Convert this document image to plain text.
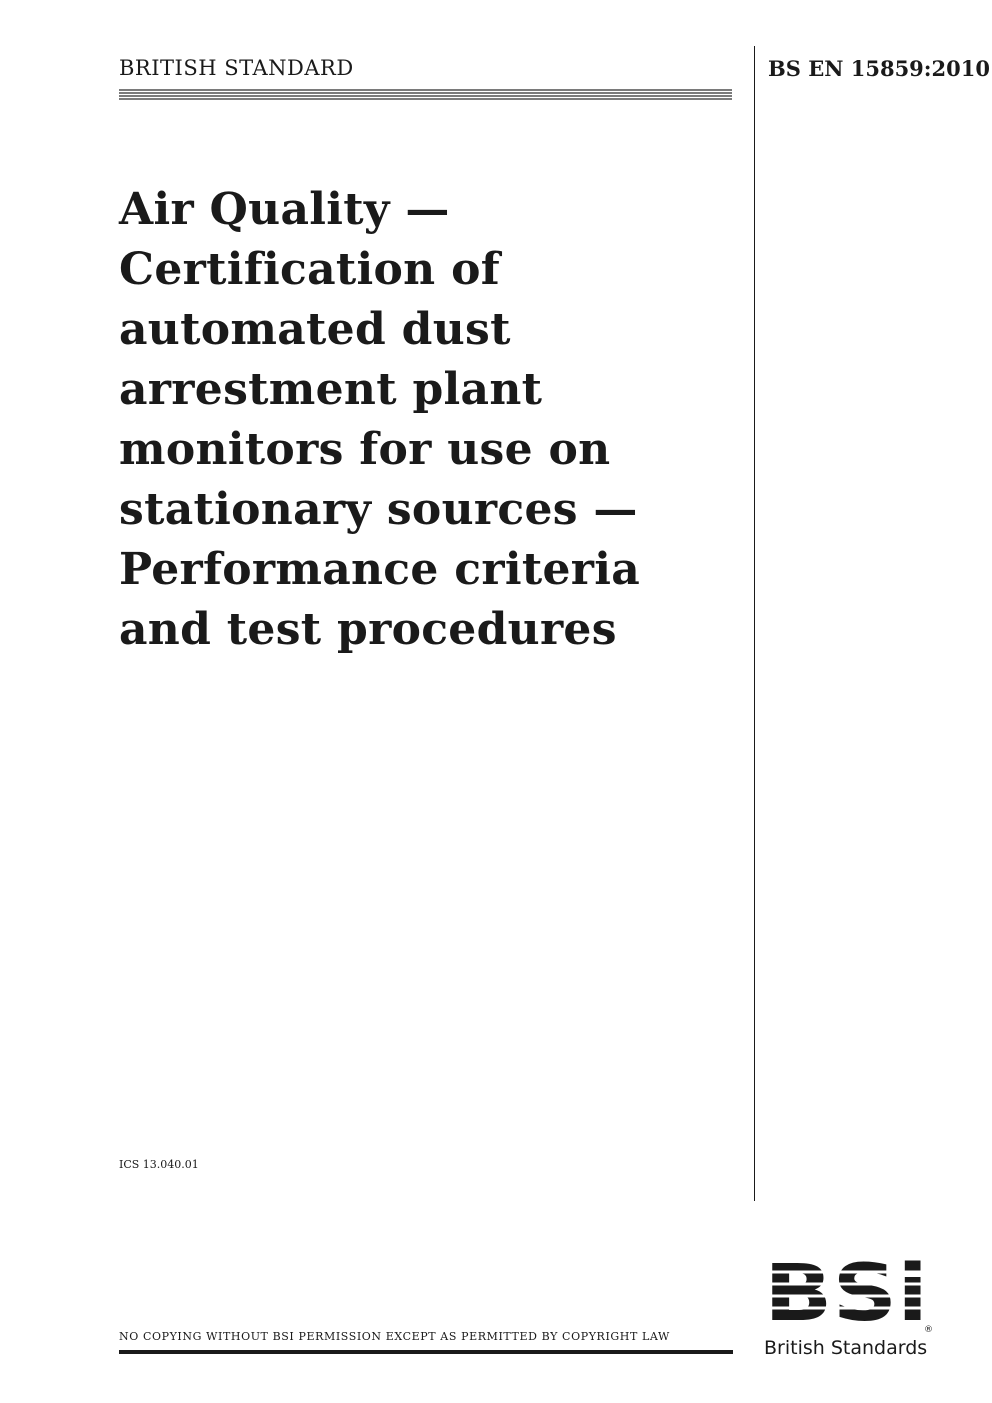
BRITISH STANDARD	BS EN 15859:2010
Air Quality —
Certification of
automated dust
arrestment plant
monitors for use on
stationary sources —
Performance criteria
and test procedures
ICS 13.040.01
NO COPYING WITHOUT BSI PERMISSION EXCEPT AS PERMITTED BY COPYRIGHT LAW BSi
®
British Standards
